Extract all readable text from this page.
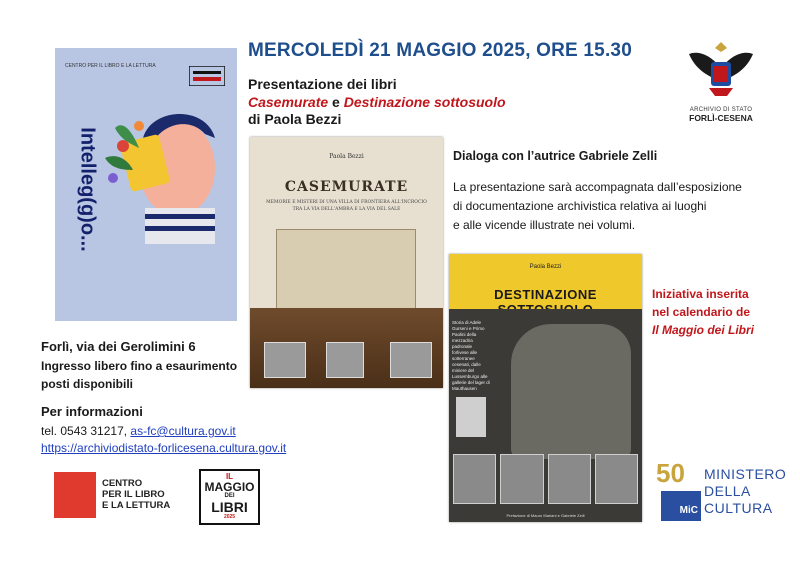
MERCOLEDÌ 21 MAGGIO 2025, ORE 15.30
Presentazione dei libri
Casemurate e Destinazione sottosuolo
di Paola Bezzi
ARCHIVIO DI STATO
FORLÌ-CESENA
CENTRO PER IL LIBRO E LA LETTURA
Intelleg(g)o...	Paola Bezzi
CASEMURATE
MEMORIE E MISTERI DI UNA VILLA DI FRONTIERA ALL'INCROCIO TRA LA VIA DELL'AMBRA E LA VIA DEL SALE
Paola Bezzi
DESTINAZIONE
Storia di Adele Gurseni e Primo Paolini della mezzadria padronale forlivese alle sotterranee cesenati, dalle miniere del Lussemburgo alle gallerie del lager di Mauthausen
Prefazione di Mauro Mariani e Gabriele Zelli
Dialoga con l’autrice Gabriele Zelli
La presentazione sarà accompagnata dall’esposizione
di documentazione archivistica relativa ai luoghi
e alle vicende illustrate nei volumi.
Iniziativa inserita
nel calendario de
Il Maggio dei Libri
Forlì, via dei Gerolimini 6
Ingresso libero fino a esaurimento
posti disponibili
Per informazioni
tel. 0543 31217, as-fc@cultura.gov.it
https://archiviodistato-forlicesena.cultura.gov.it
CENTRO
PER IL LIBRO
E LA LETTURA
IL
MAGGIO
DEI
LIBRI
2025
50
MiC
MINISTERO
DELLA
CULTURA
